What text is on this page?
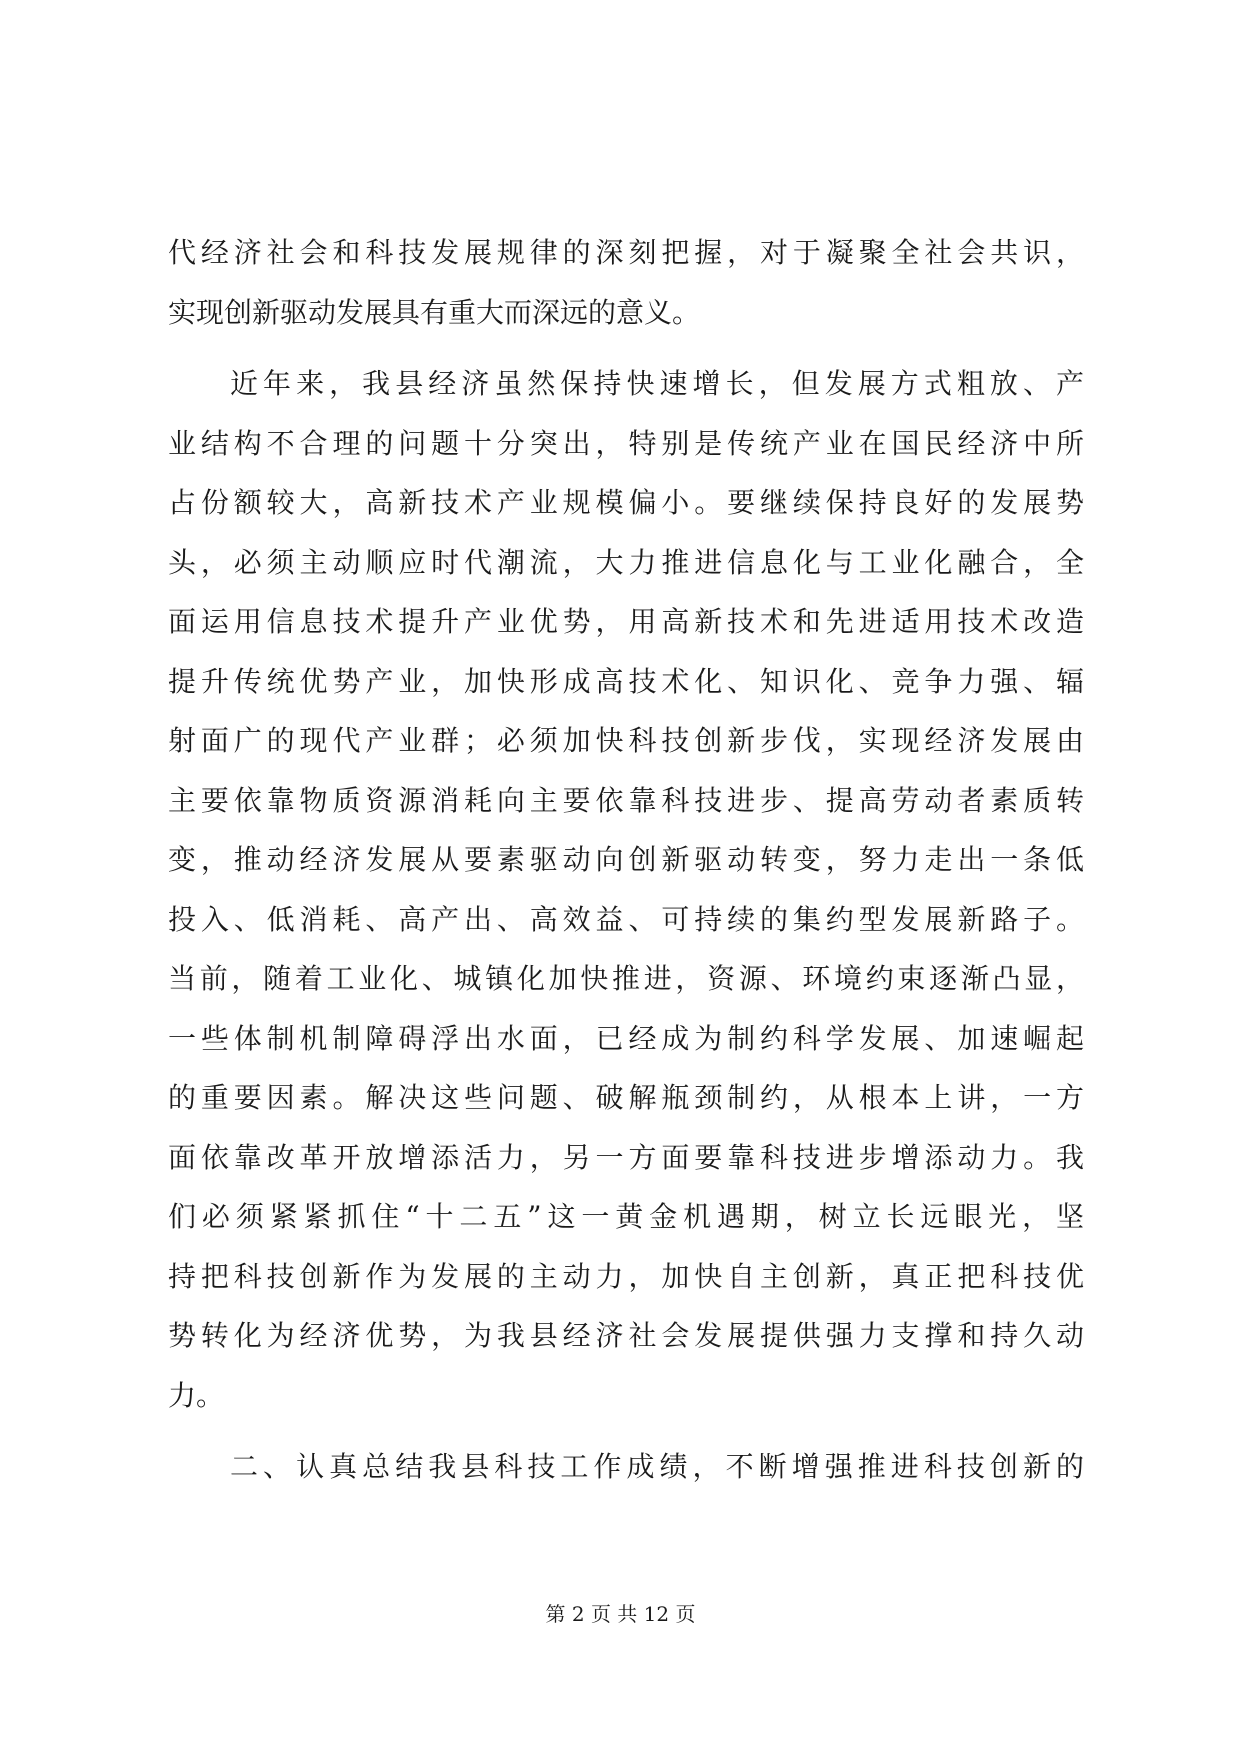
代经济社会和科技发展规律的深刻把握，对于凝聚全社会共识，
实现创新驱动发展具有重大而深远的意义。
近年来，我县经济虽然保持快速增长，但发展方式粗放、产
业结构不合理的问题十分突出，特别是传统产业在国民经济中所
占份额较大，高新技术产业规模偏小。要继续保持良好的发展势
头，必须主动顺应时代潮流，大力推进信息化与工业化融合，全
面运用信息技术提升产业优势，用高新技术和先进适用技术改造
提升传统优势产业，加快形成高技术化、知识化、竞争力强、辐
射面广的现代产业群；必须加快科技创新步伐，实现经济发展由
主要依靠物质资源消耗向主要依靠科技进步、提高劳动者素质转
变，推动经济发展从要素驱动向创新驱动转变，努力走出一条低
投入、低消耗、高产出、高效益、可持续的集约型发展新路子。
当前，随着工业化、城镇化加快推进，资源、环境约束逐渐凸显，
一些体制机制障碍浮出水面，已经成为制约科学发展、加速崛起
的重要因素。解决这些问题、破解瓶颈制约，从根本上讲，一方
面依靠改革开放增添活力，另一方面要靠科技进步增添动力。我
们必须紧紧抓住“十二五”这一黄金机遇期，树立长远眼光，坚
持把科技创新作为发展的主动力，加快自主创新，真正把科技优
势转化为经济优势，为我县经济社会发展提供强力支撑和持久动
力。
二、认真总结我县科技工作成绩，不断增强推进科技创新的
第 2 页 共 12 页
